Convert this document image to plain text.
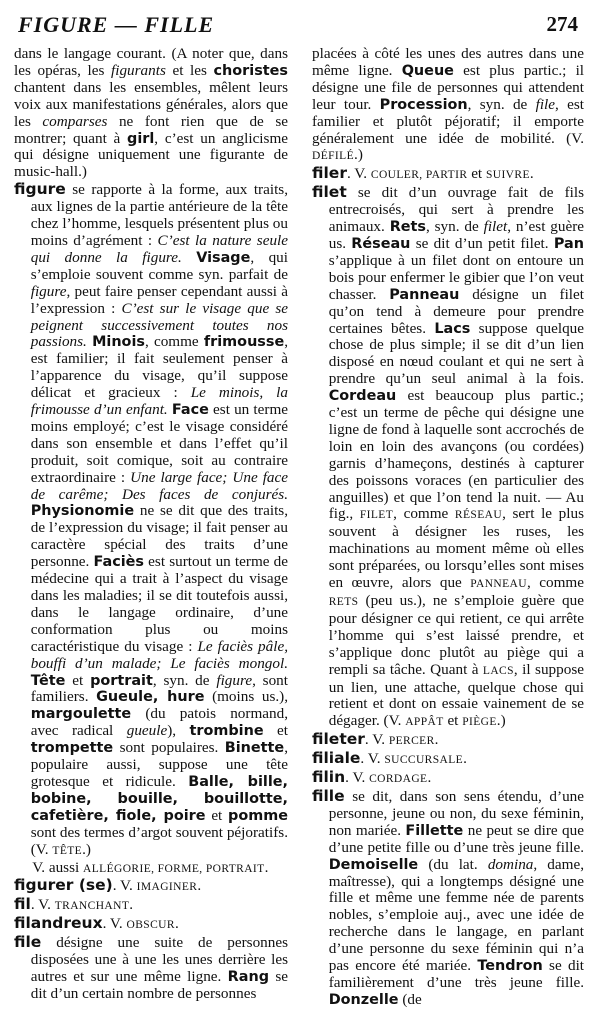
FIGURE — FILLE	274

dans le langage courant. (A noter que, dans les opéras, les figurants et les choristes chantent dans les ensembles, mêlent leurs voix aux manifestations générales, alors que les comparses ne font rien que de se montrer; quant à girl, c’est un anglicisme qui désigne uniquement une figurante de music-hall.)

figure se rapporte à la forme, aux traits, aux lignes de la partie antérieure de la tête chez l’homme, lesquels présentent plus ou moins d’agrément : C’est la nature seule qui donne la figure. Visage, qui s’emploie souvent comme syn. parfait de figure, peut faire penser cependant aussi à l’expression : C’est sur le visage que se peignent successivement toutes nos passions. Minois, comme frimousse, est familier; il fait seulement penser à l’apparence du visage, qu’il suppose délicat et gracieux : Le minois, la frimousse d’un enfant. Face est un terme moins employé; c’est le visage considéré dans son ensemble et dans l’effet qu’il produit, soit comique, soit au contraire extraordinaire : Une large face; Une face de carême; Des faces de conjurés. Physionomie ne se dit que des traits, de l’expression du visage; il fait penser au caractère spécial des traits d’une personne. Faciès est surtout un terme de médecine qui a trait à l’aspect du visage dans les maladies; il se dit toutefois aussi, dans le langage ordinaire, d’une conformation plus ou moins caractéristique du visage : Le faciès pâle, bouffi d’un malade; Le faciès mongol. Tête et portrait, syn. de figure, sont familiers. Gueule, hure (moins us.), margoulette (du patois normand, avec radical gueule), trombine et trompette sont populaires. Binette, populaire aussi, suppose une tête grotesque et ridicule. Balle, bille, bobine, bouille, bouillotte, cafetière, fiole, poire et pomme sont des termes d’argot souvent péjoratifs. (V. TÊTE.)

V. aussi ALLÉGORIE, FORME, PORTRAIT.

figurer (se). V. IMAGINER.

fil. V. TRANCHANT.

filandreux. V. OBSCUR.

file désigne une suite de personnes disposées une à une les unes derrière les autres et sur une même ligne. Rang se dit d’un certain nombre de personnes

placées à côté les unes des autres dans une même ligne. Queue est plus partic.; il désigne une file de personnes qui attendent leur tour. Procession, syn. de file, est familier et plutôt péjoratif; il emporte généralement une idée de mobilité. (V. DÉFILÉ.)

filer. V. COULER, PARTIR et SUIVRE.

filet se dit d’un ouvrage fait de fils entrecroisés, qui sert à prendre les animaux. Rets, syn. de filet, n’est guère us. Réseau se dit d’un petit filet. Pan s’applique à un filet dont on entoure un bois pour enfermer le gibier que l’on veut chasser. Panneau désigne un filet qu’on tend à demeure pour prendre certaines bêtes. Lacs suppose quelque chose de plus simple; il se dit d’un lien disposé en nœud coulant et qui ne sert à prendre qu’un seul animal à la fois. Cordeau est beaucoup plus partic.; c’est un terme de pêche qui désigne une ligne de fond à laquelle sont accrochés de loin en loin des avançons (ou cordées) garnis d’hameçons, destinés à capturer des poissons voraces (en particulier des anguilles) et que l’on tend la nuit. — Au fig., FILET, comme RÉSEAU, sert le plus souvent à désigner les ruses, les machinations au moment même où elles sont préparées, ou lorsqu’elles sont mises en œuvre, alors que PANNEAU, comme RETS (peu us.), ne s’emploie guère que pour désigner ce qui retient, ce qui arrête l’homme qui s’est laissé prendre, et s’applique donc plutôt au piège qui a rempli sa tâche. Quant à LACS, il suppose un lien, une attache, quelque chose qui retient et dont on essaie vainement de se dégager. (V. APPÂT et PIÈGE.)

fileter. V. PERCER.

filiale. V. SUCCURSALE.

filin. V. CORDAGE.

fille se dit, dans son sens étendu, d’une personne, jeune ou non, du sexe féminin, non mariée. Fillette ne peut se dire que d’une petite fille ou d’une très jeune fille. Demoiselle (du lat. domina, dame, maîtresse), qui a longtemps désigné une fille et même une femme née de parents nobles, s’emploie auj., avec une idée de recherche dans le langage, en parlant d’une personne du sexe féminin qui n’a pas encore été mariée. Tendron se dit familièrement d’une très jeune fille. Donzelle (de
